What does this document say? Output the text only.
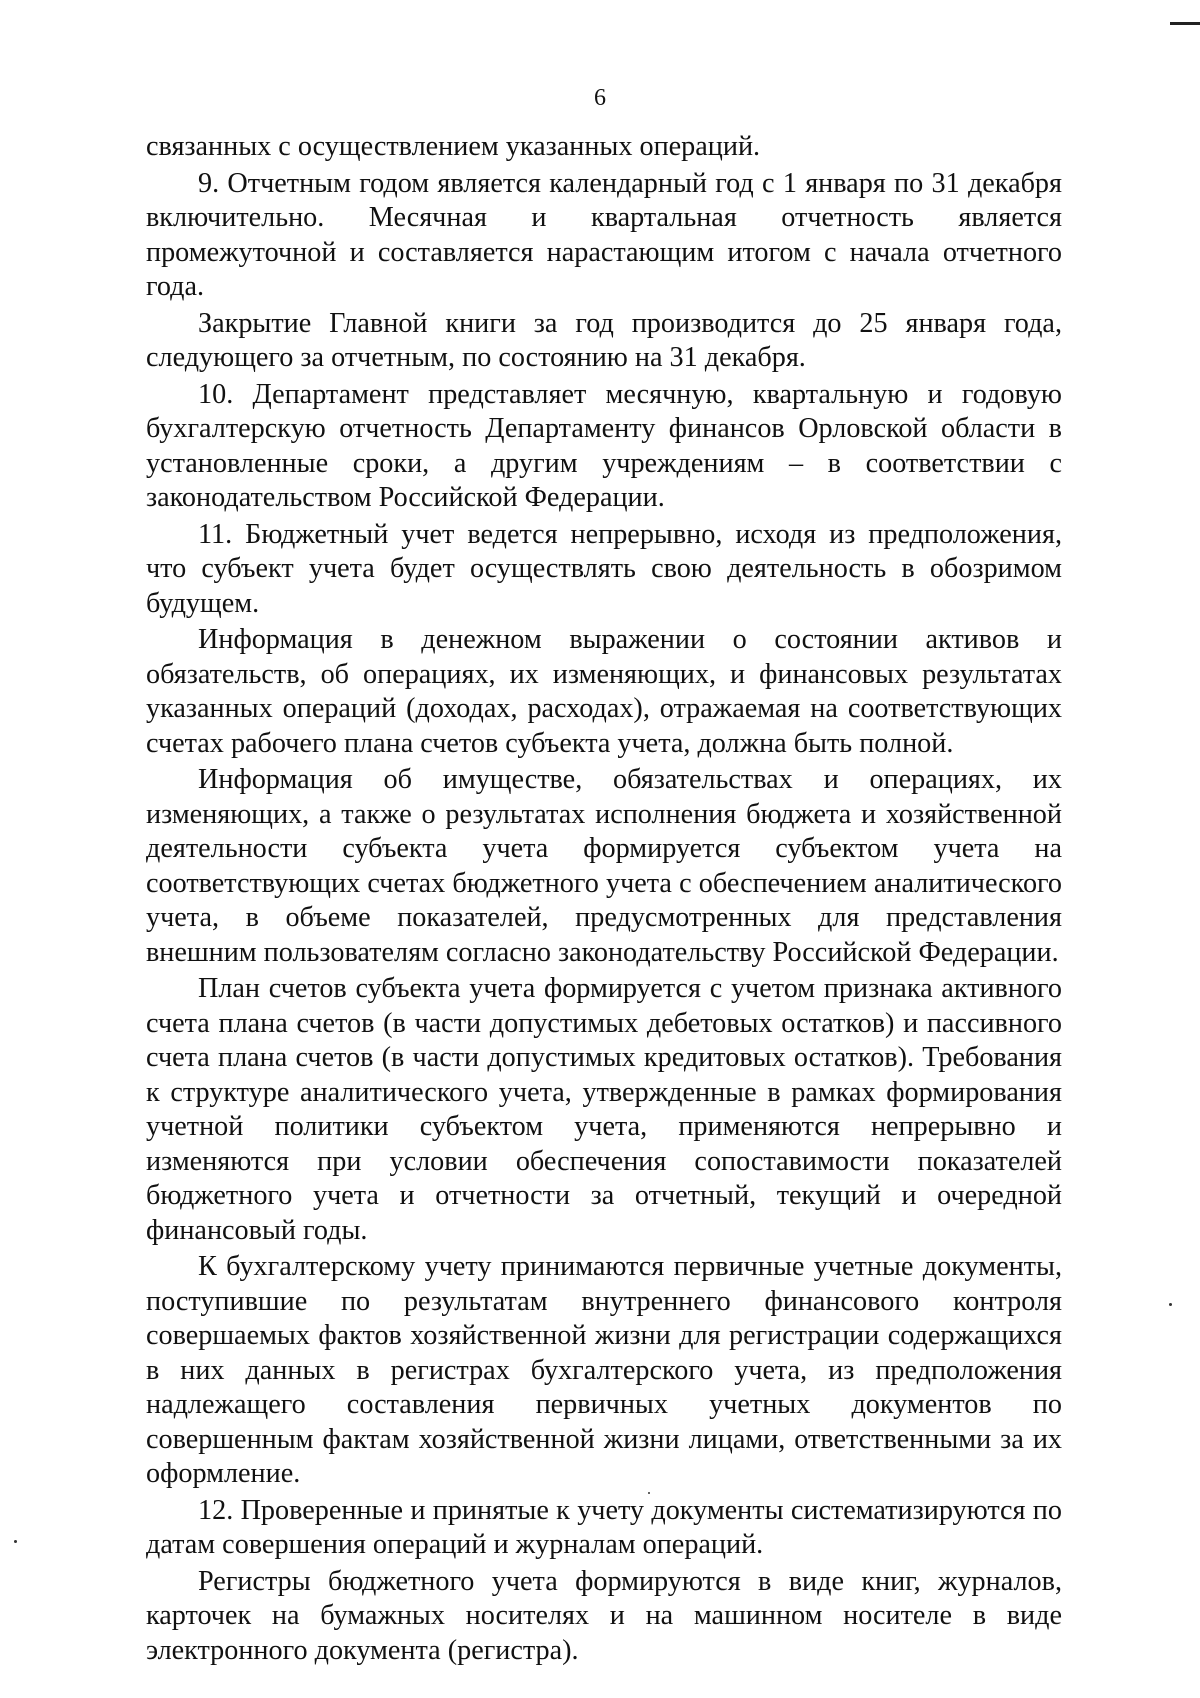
6

связанных с осуществлением указанных операций.

9. Отчетным годом является календарный год с 1 января по 31 декабря включительно. Месячная и квартальная отчетность является промежуточной и составляется нарастающим итогом с начала отчетного года.

Закрытие Главной книги за год производится до 25 января года, следующего за отчетным, по состоянию на 31 декабря.

10. Департамент представляет месячную, квартальную и годовую бухгалтерскую отчетность Департаменту финансов Орловской области в установленные сроки, а другим учреждениям – в соответствии с законодательством Российской Федерации.

11. Бюджетный учет ведется непрерывно, исходя из предположения, что субъект учета будет осуществлять свою деятельность в обозримом будущем.

Информация в денежном выражении о состоянии активов и обязательств, об операциях, их изменяющих, и финансовых результатах указанных операций (доходах, расходах), отражаемая на соответствующих счетах рабочего плана счетов субъекта учета, должна быть полной.

Информация об имуществе, обязательствах и операциях, их изменяющих, а также о результатах исполнения бюджета и хозяйственной деятельности субъекта учета формируется субъектом учета на соответствующих счетах бюджетного учета с обеспечением аналитического учета, в объеме показателей, предусмотренных для представления внешним пользователям согласно законодательству Российской Федерации.

План счетов субъекта учета формируется с учетом признака активного счета плана счетов (в части допустимых дебетовых остатков) и пассивного счета плана счетов (в части допустимых кредитовых остатков). Требования к структуре аналитического учета, утвержденные в рамках формирования учетной политики субъектом учета, применяются непрерывно и изменяются при условии обеспечения сопоставимости показателей бюджетного учета и отчетности за отчетный, текущий и очередной финансовый годы.

К бухгалтерскому учету принимаются первичные учетные документы, поступившие по результатам внутреннего финансового контроля совершаемых фактов хозяйственной жизни для регистрации содержащихся в них данных в регистрах бухгалтерского учета, из предположения надлежащего составления первичных учетных документов по совершенным фактам хозяйственной жизни лицами, ответственными за их оформление.

12. Проверенные и принятые к учету документы систематизируются по датам совершения операций и журналам операций.

Регистры бюджетного учета формируются в виде книг, журналов, карточек на бумажных носителях и на машинном носителе в виде электронного документа (регистра).
